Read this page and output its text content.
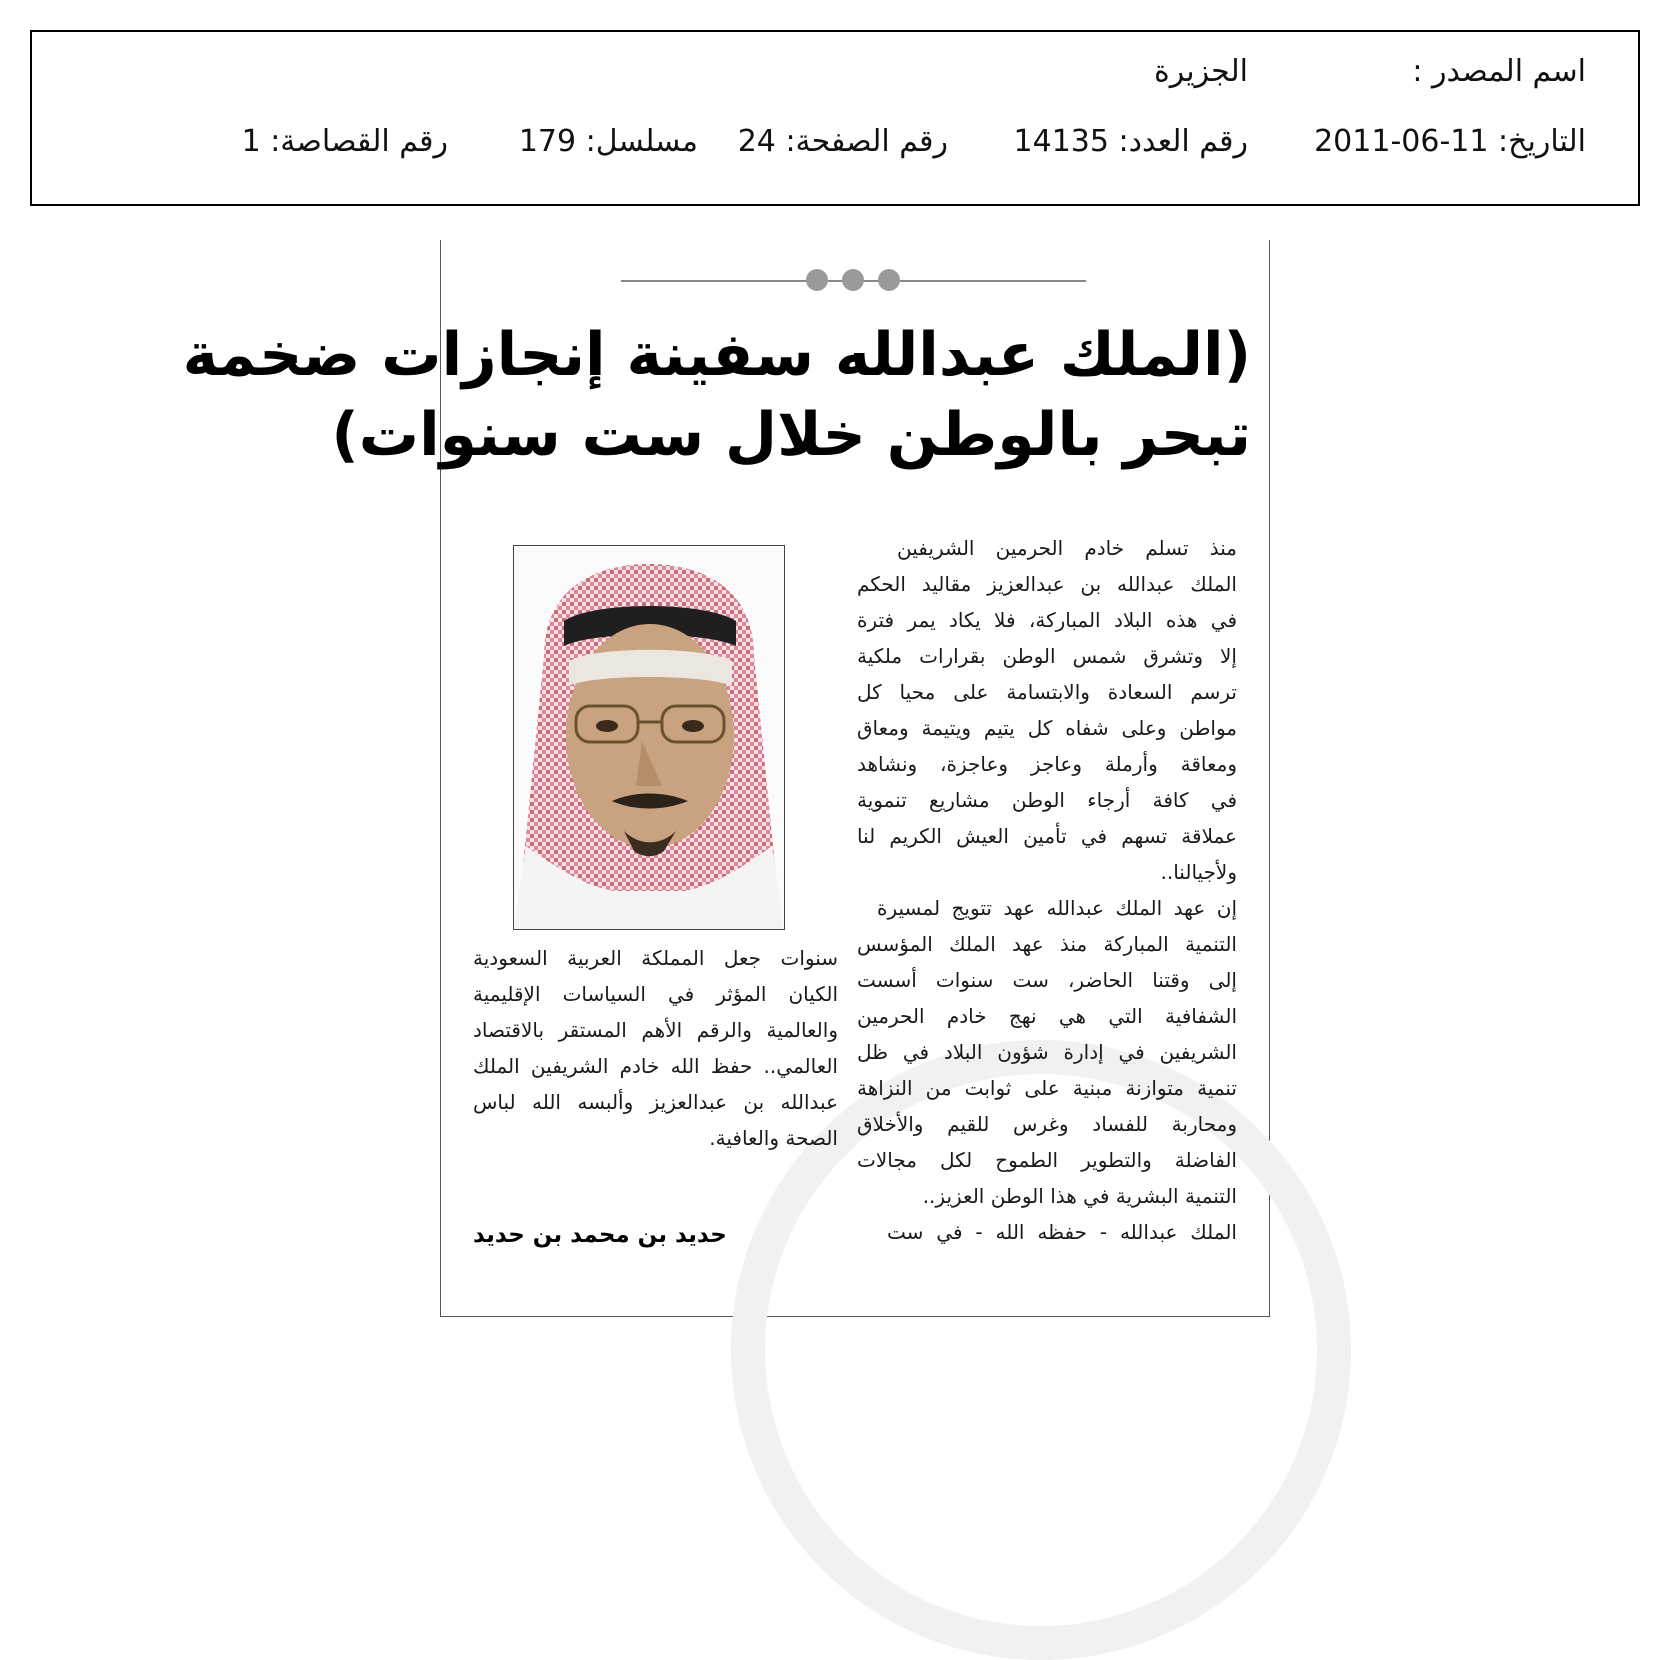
اسم المصدر :
الجزيرة
التاريخ: 11-06-2011
رقم العدد: 14135
رقم الصفحة: 24
مسلسل: 179
رقم القصاصة: 1
(الملك عبدالله سفينة إنجازات ضخمة
تبحر بالوطن خلال ست سنوات)
منذ تسلم خادم الحرمين الشريفين
الملك عبدالله بن عبدالعزيز مقاليد الحكم
في هذه البلاد المباركة، فلا يكاد يمر فترة
إلا وتشرق شمس الوطن بقرارات ملكية
ترسم السعادة والابتسامة على محيا كل
مواطن وعلى شفاه كل يتيم ويتيمة ومعاق
ومعاقة وأرملة وعاجز وعاجزة، ونشاهد
في كافة أرجاء الوطن مشاريع تنموية
عملاقة تسهم في تأمين العيش الكريم لنا
ولأجيالنا..
إن عهد الملك عبدالله عهد تتويج لمسيرة
التنمية المباركة منذ عهد الملك المؤسس
إلى وقتنا الحاضر، ست سنوات أسست
الشفافية التي هي نهج خادم الحرمين
الشريفين في إدارة شؤون البلاد في ظل
تنمية متوازنة مبنية على ثوابت من النزاهة
ومحاربة للفساد وغرس للقيم والأخلاق
الفاضلة والتطوير الطموح لكل مجالات
التنمية البشرية في هذا الوطن العزيز..
الملك عبدالله - حفظه الله - في ست
سنوات جعل المملكة العربية السعودية
الكيان المؤثر في السياسات الإقليمية
والعالمية والرقم الأهم المستقر بالاقتصاد
العالمي.. حفظ الله خادم الشريفين الملك
عبدالله بن عبدالعزيز وألبسه الله لباس
الصحة والعافية.
حديد بن محمد بن حديد
